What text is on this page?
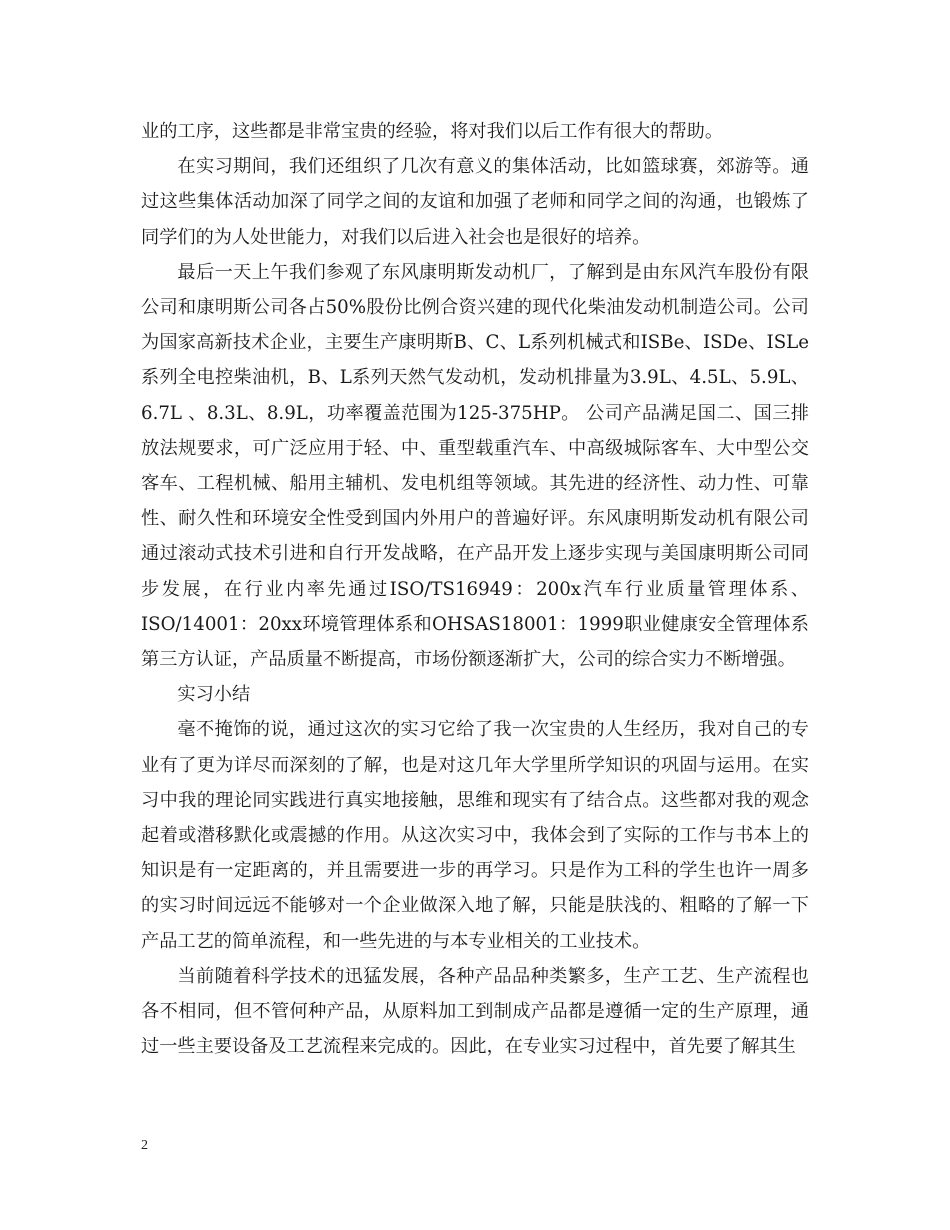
业的工序，这些都是非常宝贵的经验，将对我们以后工作有很大的帮助。

在实习期间，我们还组织了几次有意义的集体活动，比如篮球赛，郊游等。通过这些集体活动加深了同学之间的友谊和加强了老师和同学之间的沟通，也锻炼了同学们的为人处世能力，对我们以后进入社会也是很好的培养。

最后一天上午我们参观了东风康明斯发动机厂，了解到是由东风汽车股份有限公司和康明斯公司各占50%股份比例合资兴建的现代化柴油发动机制造公司。公司为国家高新技术企业，主要生产康明斯B、C、L系列机械式和ISBe、ISDe、ISLe系列全电控柴油机，B、L系列天然气发动机，发动机排量为3.9L、4.5L、5.9L、6.7L 、8.3L、8.9L，功率覆盖范围为125-375HP。 公司产品满足国二、国三排放法规要求，可广泛应用于轻、中、重型载重汽车、中高级城际客车、大中型公交客车、工程机械、船用主辅机、发电机组等领域。其先进的经济性、动力性、可靠性、耐久性和环境安全性受到国内外用户的普遍好评。东风康明斯发动机有限公司通过滚动式技术引进和自行开发战略，在产品开发上逐步实现与美国康明斯公司同步发展，在行业内率先通过ISO/TS16949：200x汽车行业质量管理体系、ISO/14001：20xx环境管理体系和OHSAS18001：1999职业健康安全管理体系第三方认证，产品质量不断提高，市场份额逐渐扩大，公司的综合实力不断增强。

实习小结

毫不掩饰的说，通过这次的实习它给了我一次宝贵的人生经历，我对自己的专业有了更为详尽而深刻的了解，也是对这几年大学里所学知识的巩固与运用。在实习中我的理论同实践进行真实地接触，思维和现实有了结合点。这些都对我的观念起着或潜移默化或震撼的作用。从这次实习中，我体会到了实际的工作与书本上的知识是有一定距离的，并且需要进一步的再学习。只是作为工科的学生也许一周多的实习时间远远不能够对一个企业做深入地了解，只能是肤浅的、粗略的了解一下产品工艺的简单流程，和一些先进的与本专业相关的工业技术。

当前随着科学技术的迅猛发展，各种产品品种类繁多，生产工艺、生产流程也各不相同，但不管何种产品，从原料加工到制成产品都是遵循一定的生产原理，通过一些主要设备及工艺流程来完成的。因此，在专业实习过程中，首先要了解其生

2
